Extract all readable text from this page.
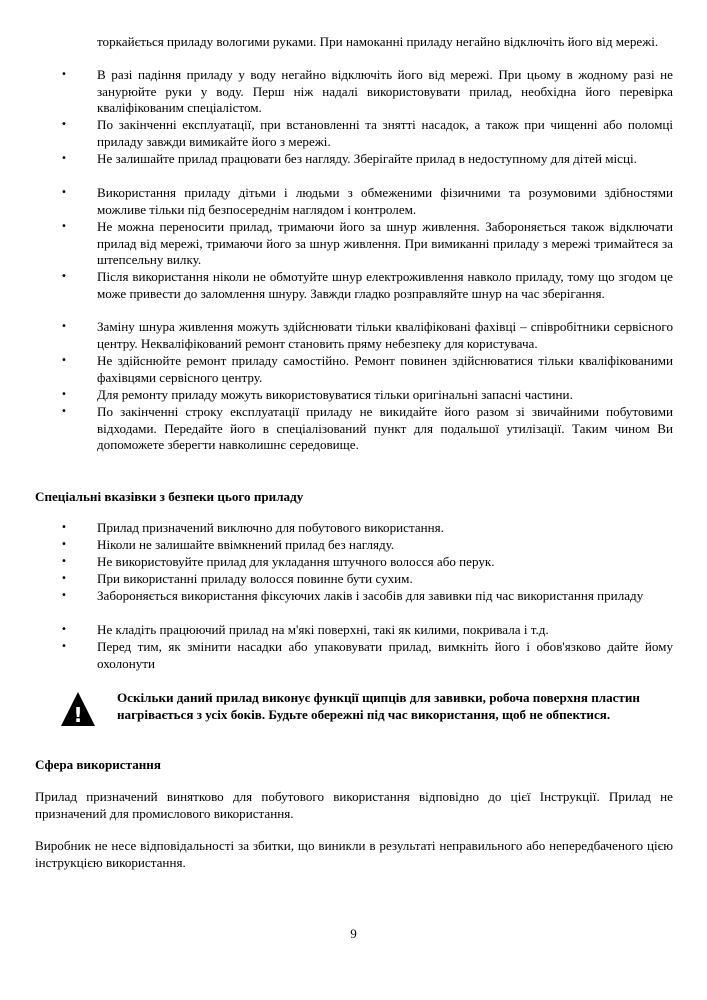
торкайється приладу вологими руками. При намоканні приладу негайно відключіть його від мережі.

• В разі падіння приладу у воду негайно відключіть його від мережі. При цьому в жодному разі не занурюйте руки у воду. Перш ніж надалі використовувати прилад, необхідна його перевірка кваліфікованим спеціалістом.
• По закінченні експлуатації, при встановленні та знятті насадок, а також при чищенні або поломці приладу завжди вимикайте його з мережі.
• Не залишайте прилад працювати без нагляду. Зберігайте прилад в недоступному для дітей місці.
• Використання приладу дітьми і людьми з обмеженими фізичними та розумовими здібностями можливе тільки під безпосереднім наглядом і контролем.
• Не можна переносити прилад, тримаючи його за шнур живлення. Забороняється також відключати прилад від мережі, тримаючи його за шнур живлення. При вимиканні приладу з мережі тримайтеся за штепсельну вилку.
• Після використання ніколи не обмотуйте шнур електроживлення навколо приладу, тому що згодом це може привести до заломлення шнуру. Завжди гладко розправляйте шнур на час зберігання.
• Заміну шнура живлення можуть здійснювати тільки кваліфіковані фахівці – співробітники сервісного центру. Некваліфікований ремонт становить пряму небезпеку для користувача.
• Не здійснюйте ремонт приладу самостійно. Ремонт повинен здійснюватися тільки кваліфікованими фахівцями сервісного центру.
• Для ремонту приладу можуть використовуватися тільки оригінальні запасні частини.
• По закінченні строку експлуатації приладу не викидайте його разом зі звичайними побутовими відходами. Передайте його в спеціалізований пункт для подальшої утилізації. Таким чином Ви допоможете зберегти навколишнє середовище.
Спеціальні вказівки з безпеки цього приладу
• Прилад призначений виключно для побутового використання.
• Ніколи не залишайте ввімкнений прилад без нагляду.
• Не використовуйте прилад для укладання штучного волосся або перук.
• При використанні приладу волосся повинне бути сухим.
• Забороняється використання фіксуючих лаків і засобів для завивки під час використання приладу
• Не кладіть працюючий прилад на м'які поверхні, такі як килими, покривала і т.д.
• Перед тим, як змінити насадки або упаковувати прилад, вимкніть його і обов'язково дайте йому охолонути
!
Оскільки даний прилад виконує функції щипців для завивки, робоча поверхня пластин нагрівається з усіх боків. Будьте обережні під час використання, щоб не обпектися.
Сфера використання

Прилад призначений винятково для побутового використання відповідно до цієї Інструкції. Прилад не призначений для промислового використання.

Виробник не несе відповідальності за збитки, що виникли в результаті неправильного або непередбаченого цією інструкцією використання.

9
